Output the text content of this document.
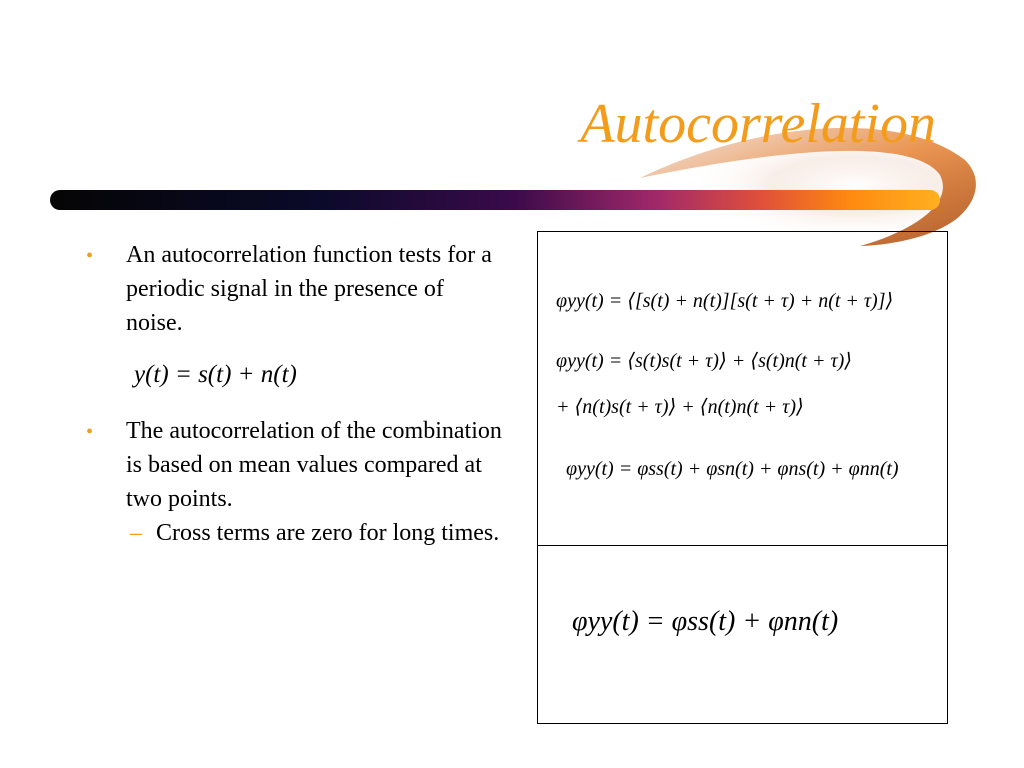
Autocorrelation
•	An autocorrelation function tests for a periodic signal in the presence of noise.
y(t) = s(t) + n(t)
•	The autocorrelation of the combination is based on mean values compared at two points.
– Cross terms are zero for long times.
φyy(t) = ⟨[s(t) + n(t)][s(t + τ) + n(t + τ)]⟩
φyy(t) = ⟨s(t)s(t + τ)⟩ + ⟨s(t)n(t + τ)⟩
+ ⟨n(t)s(t + τ)⟩ + ⟨n(t)n(t + τ)⟩
φyy(t) = φss(t) + φsn(t) + φns(t) + φnn(t)
φyy(t) = φss(t) + φnn(t)
